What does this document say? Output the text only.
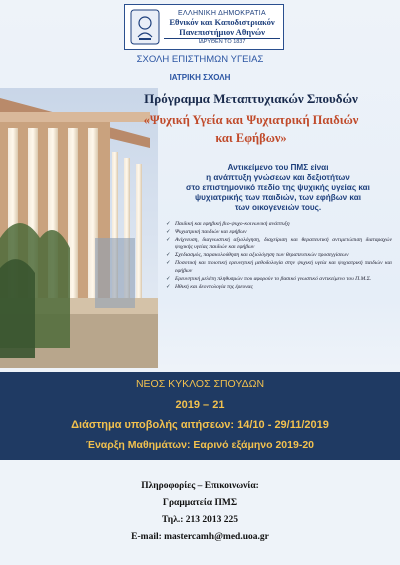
ΕΛΛΗΝΙΚΗ ΔΗΜΟΚΡΑΤΙΑ
Εθνικόν και Καποδιστριακόν
Πανεπιστήμιον Αθηνών
ΙΔΡΥΘΕΝ ΤΟ 1837
ΣΧΟΛΗ ΕΠΙΣΤΗΜΩΝ ΥΓΕΙΑΣ
ΙΑΤΡΙΚΗ ΣΧΟΛΗ
Πρόγραμμα Μεταπτυχιακών Σπουδών
«Ψυχική Υγεία και Ψυχιατρική Παιδιών
και Εφήβων»

Αντικείμενο του ΠΜΣ είναι

η ανάπτυξη γνώσεων και δεξιοτήτων

στο επιστημονικό πεδίο της ψυχικής υγείας και

ψυχιατρικής των παιδιών, των εφήβων και

των οικογενειών τους.

✓ Παιδική και εφηβική βιο-ψυχο-κοινωνική ανάπτυξη
✓ Ψυχιατρική παιδιών και εφήβων
✓ Ανίχνευση, διαγνωστική αξιολόγηση, διαχείριση και θεραπευτική αντιμετώπιση διαταραχών ψυχικής υγείας παιδιών και εφήβων
✓ Σχεδιασμός, παρακολούθηση και αξιολόγηση των θεραπευτικών προσεγγίσεων
✓ Ποσοτική και ποιοτική ερευνητική μεθοδολογία στην ψυχική υγεία και ψυχιατρική παιδιών και εφήβων
✓ Ερευνητική μελέτη πληθυσμών που αφορούν το βασικό γνωστικό αντικείμενο του Π.Μ.Σ.
✓ Ηθική και δεοντολογία της έρευνας
ΝΕΟΣ ΚΥΚΛΟΣ ΣΠΟΥΔΩΝ
2019 – 21
Διάστημα υποβολής αιτήσεων: 14/10 - 29/11/2019
Έναρξη Μαθημάτων: Εαρινό εξάμηνο 2019-20
Πληροφορίες – Επικοινωνία:
Γραμματεία ΠΜΣ
Τηλ.: 213 2013 225
E-mail: mastercamh@med.uoa.gr
